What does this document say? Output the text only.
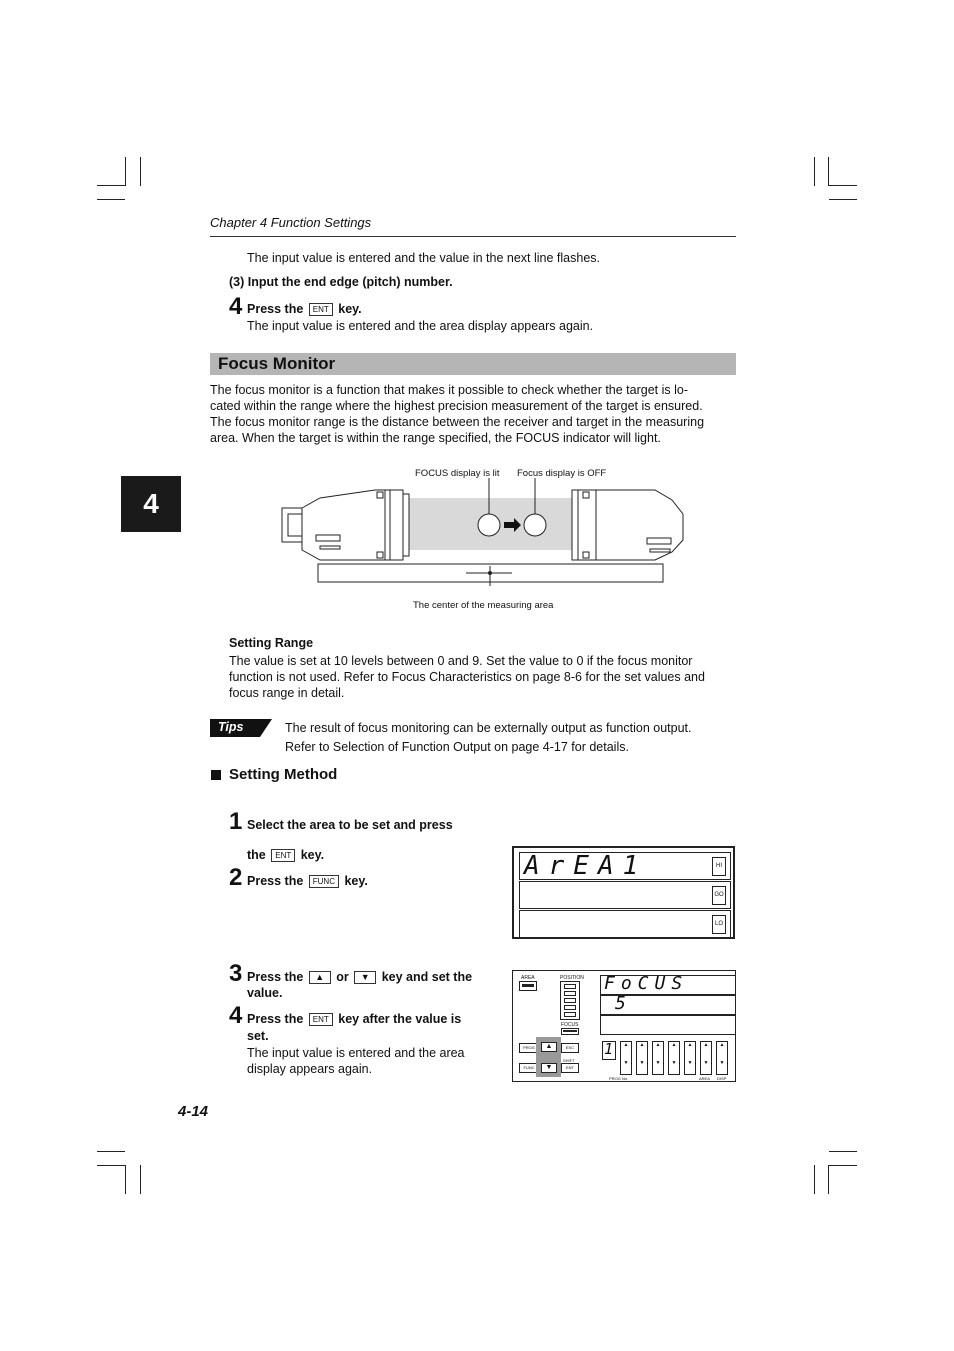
Chapter 4 Function Settings
The input value is entered and the value in the next line flashes.
(3) Input the end edge (pitch) number.
4 Press the ENT key.
The input value is entered and the area display appears again.
Focus Monitor
The focus monitor is a function that makes it possible to check whether the target is lo-
cated within the range where the highest precision measurement of the target is ensured.
The focus monitor range is the distance between the receiver and target in the measuring
area. When the target is within the range specified, the FOCUS indicator will light.
4
FOCUS display is lit Focus display is OFF
The center of the measuring area
Setting Range
The value is set at 10 levels between 0 and 9. Set the value to 0 if the focus monitor
function is not used. Refer to Focus Characteristics on page 8-6 for the set values and
focus range in detail.
Tips	The result of focus monitoring can be externally output as function output.
Refer to Selection of Function Output on page 4-17 for details.
Setting Method
1 Select the area to be set and press
the ENT key.
2 Press the FUNC key.
3 Press the ▲ or ▼ key and set the
value.
4 Press the ENT key after the value is
set.
The input value is entered and the area
display appears again.
ArEA1	HI
GO
LO
AREA	POSITION
FOCUS
FoCUS
5
PROG
FUNC
▲
▼
ESC
SHIFT
ENT
1	▲

▼
▲

▼
▲

▼
▲

▼
▲

▼
▲

▼
▲

▼
PROG No.	AREA DISP
4-14
